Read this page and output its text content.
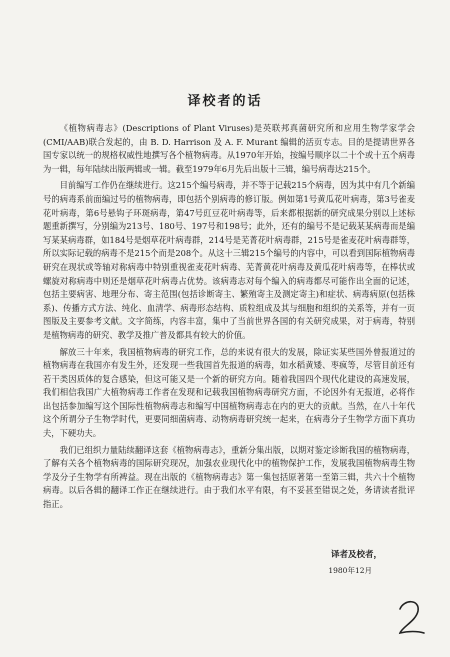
译校者的话

《植物病毒志》(Descriptions of Plant Viruses)是英联邦真菌研究所和应用生物学家学会(CMI/AAB)联合发起的，由 B. D. Harrison 及 A. F. Murant 编辑的活页专志。目的是提请世界各国专家以统一的规格权威性地撰写各个植物病毒。从1970年开始，按编号顺序以二十个或十五个病毒为一辑，每年陆续出版两辑或一辑。截至1979年6月先后出版十三辑，编号病毒达215个。

目前编写工作仍在继续进行。这215个编号病毒，并不等于记载215个病毒，因为其中有几个新编号的病毒系前面编过号的植物病毒，即包括个别病毒的修订版。例如第1号黄瓜花叶病毒，第3号雀麦花叶病毒，第6号悬钩子环斑病毒，第47号豇豆花叶病毒等，后来都根据新的研究成果分别以上述标题重新撰写，分别编为213号、180号、197号和198号；此外，还有的编号不是记载某某病毒而是编写某某病毒群，如184号是烟草花叶病毒群，214号是芜菁花叶病毒群，215号是雀麦花叶病毒群等，所以实际记载的病毒不是215个而是208个。从这十三辑215个编号的内容中，可以看到国际植物病毒研究在现状或等轴对称病毒中特别重视雀麦花叶病毒、芜菁黄花叶病毒及黄瓜花叶病毒等，在棒状或螺旋对称病毒中则还是烟草花叶病毒占优势。该病毒志对每个编入的病毒都尽可能作出全面的记述，包括主要病害、地理分布、寄主范围(包括诊断寄主、繁殖寄主及测定寄主)和症状、病毒病原(包括株系)、传播方式方法、纯化、血清学、病毒形态结构、质粒组成及其与细胞和组织的关系等，并有一页图版及主要参考文献。文字简练，内容丰富，集中了当前世界各国的有关研究成果，对于病毒，特别是植物病毒的研究、教学及推广普及都具有较大的价值。

解放三十年来，我国植物病毒的研究工作，总的来说有很大的发展，除证实某些国外曾报道过的植物病毒在我国亦有发生外，还发现一些我国首先报道的病毒，如水稻黄矮、枣疯等，尽管目前还有若干类因质体的复合感染，但这可能又是一个新的研究方向。随着我国四个现代化建设的高速发展，我们相信我国广大植物病毒工作者在发现和记载我国植物病毒研究方面，不论因外有无报道，必将作出包括参加编写这个国际性植物病毒志和编写中国植物病毒志在内的更大的贡献。当然，在八十年代这个所谓分子生物学时代，更要同细菌病毒、动物病毒研究统一起来，在病毒分子生物学方面下真功夫，下硬功夫。

我们已组织力量陆续翻译这套《植物病毒志》，重新分集出版，以期对鉴定诊断我国的植物病毒，了解有关各个植物病毒的国际研究现况，加强农业现代化中的植物保护工作，发展我国植物病毒生物学及分子生物学有所裨益。现在出版的《植物病毒志》第一集包括原著第一至第三辑，共六十个植物病毒。以后各辑的翻译工作正在继续进行。由于我们水平有限，有不妥甚至错误之处，务请读者批评指正。

译者及校者，
1980年12月
